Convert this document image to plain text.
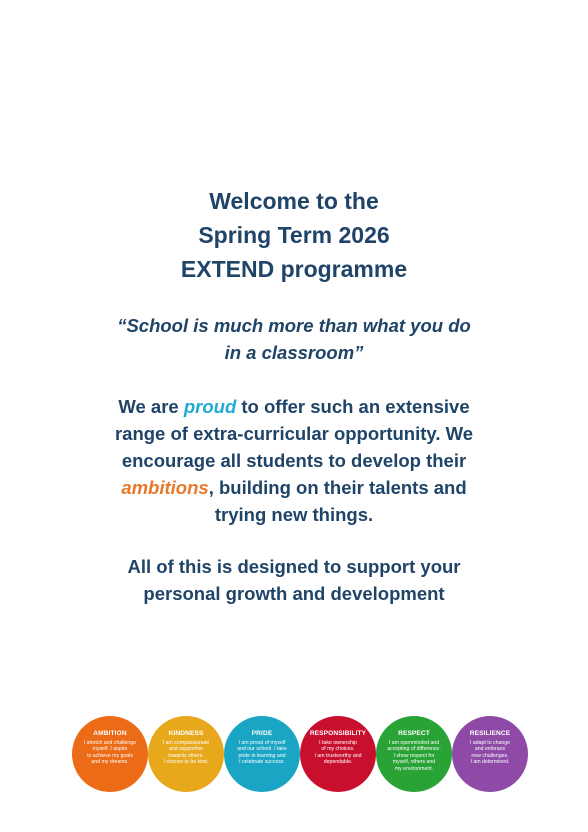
Welcome to the
Spring Term 2026
EXTEND programme
“School is much more than what you do
in a classroom”
We are proud to offer such an extensive
range of extra-curricular opportunity. We
encourage all students to develop their
ambitions, building on their talents and
trying new things.
All of this is designed to support your
personal growth and development
AMBITION
I stretch and challenge
myself. I aspire
to achieve my goals
and my dreams.
KINDNESS
I am compassionate
and supportive
towards others.
I choose to be kind.
PRIDE
I am proud of myself
and our school. I take
pride in learning and
I celebrate success.
RESPONSIBILITY
I take ownership
of my choices.
I am trustworthy and
dependable.
RESPECT
I am openminded and
accepting of difference.
I show respect for
myself, others and
my environment.
RESILIENCE
I adapt to change
and embrace
new challenges.
I am determined.
